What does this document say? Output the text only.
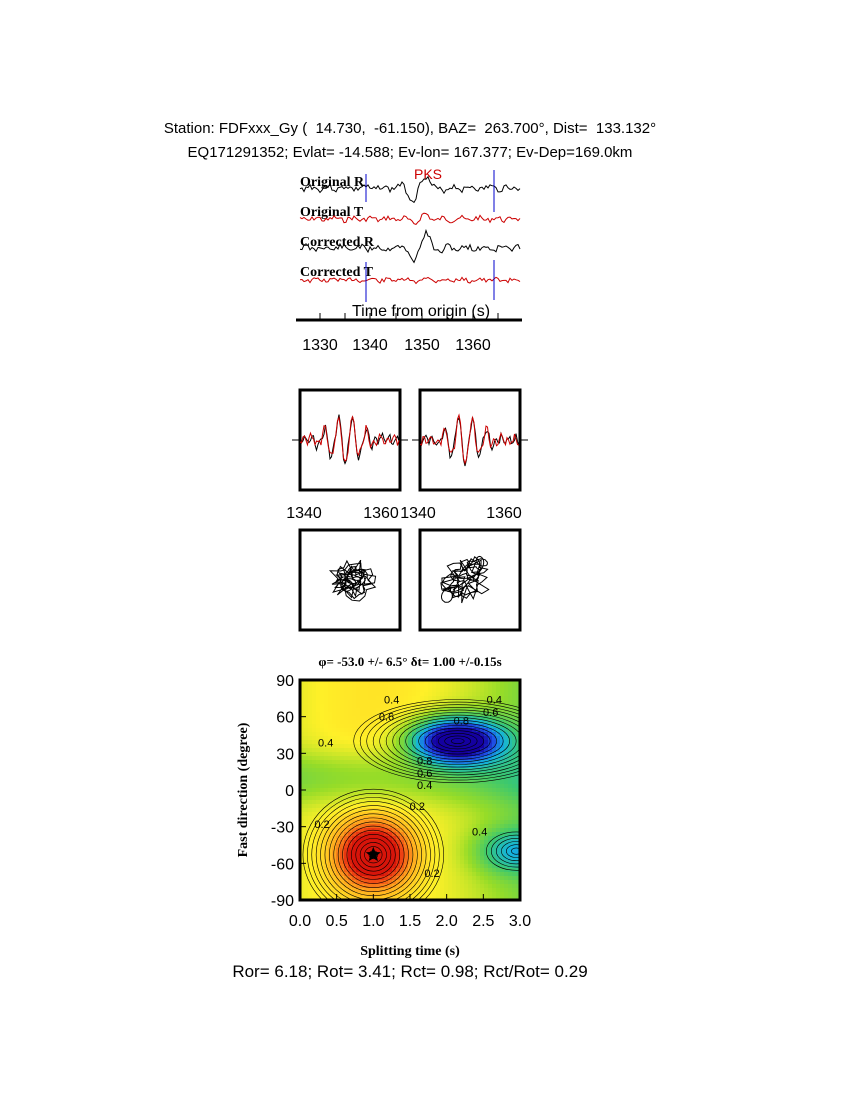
Station: FDFxxx_Gy (  14.730,  -61.150), BAZ=  263.700°, Dist=  133.132°
EQ171291352; Evlat= -14.588; Ev-lon= 167.377; Ev-Dep=169.0km
Original R
Original T
Corrected R
Corrected T
PKS
Time from origin (s)
1330 1340 1350 1360
1340	1360 1340	1360
φ= -53.0 +/- 6.5° δt= 1.00 +/-0.15s
0.4
0.6	0.8
0.4
0.6
0.8
0.6
0.4
0.4
0.2
0.2
0.4
0.2
0.0 0.5 1.0 1.5 2.0 2.5 3.0
90
60
30
0
-30
-60
-90
Splitting time (s)
Fast direction (degree)
Ror= 6.18; Rot= 3.41; Rct= 0.98; Rct/Rot= 0.29
